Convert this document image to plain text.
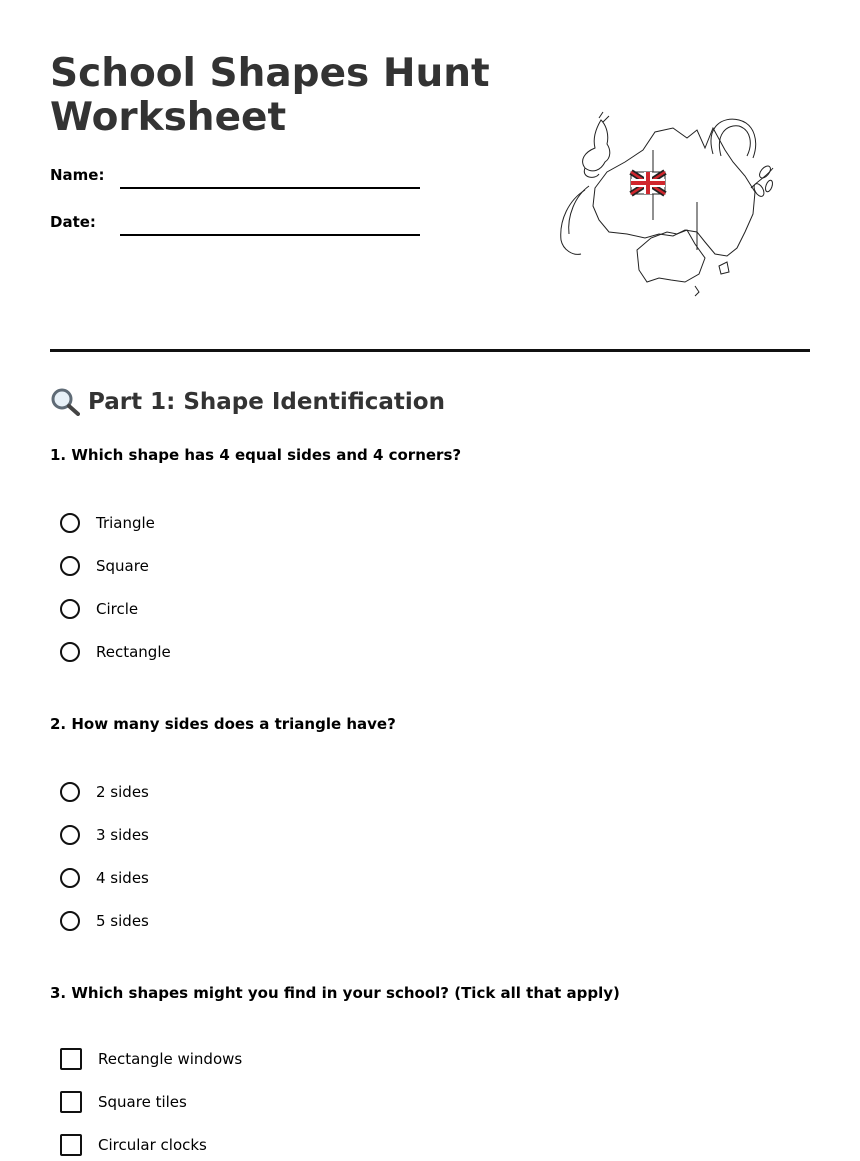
School Shapes Hunt
Worksheet
Name:
Date:
Part 1: Shape Identification
1. Which shape has 4 equal sides and 4 corners?
Triangle
Square
Circle
Rectangle
2. How many sides does a triangle have?
2 sides
3 sides
4 sides
5 sides
3. Which shapes might you find in your school? (Tick all that apply)
Rectangle windows
Square tiles
Circular clocks
